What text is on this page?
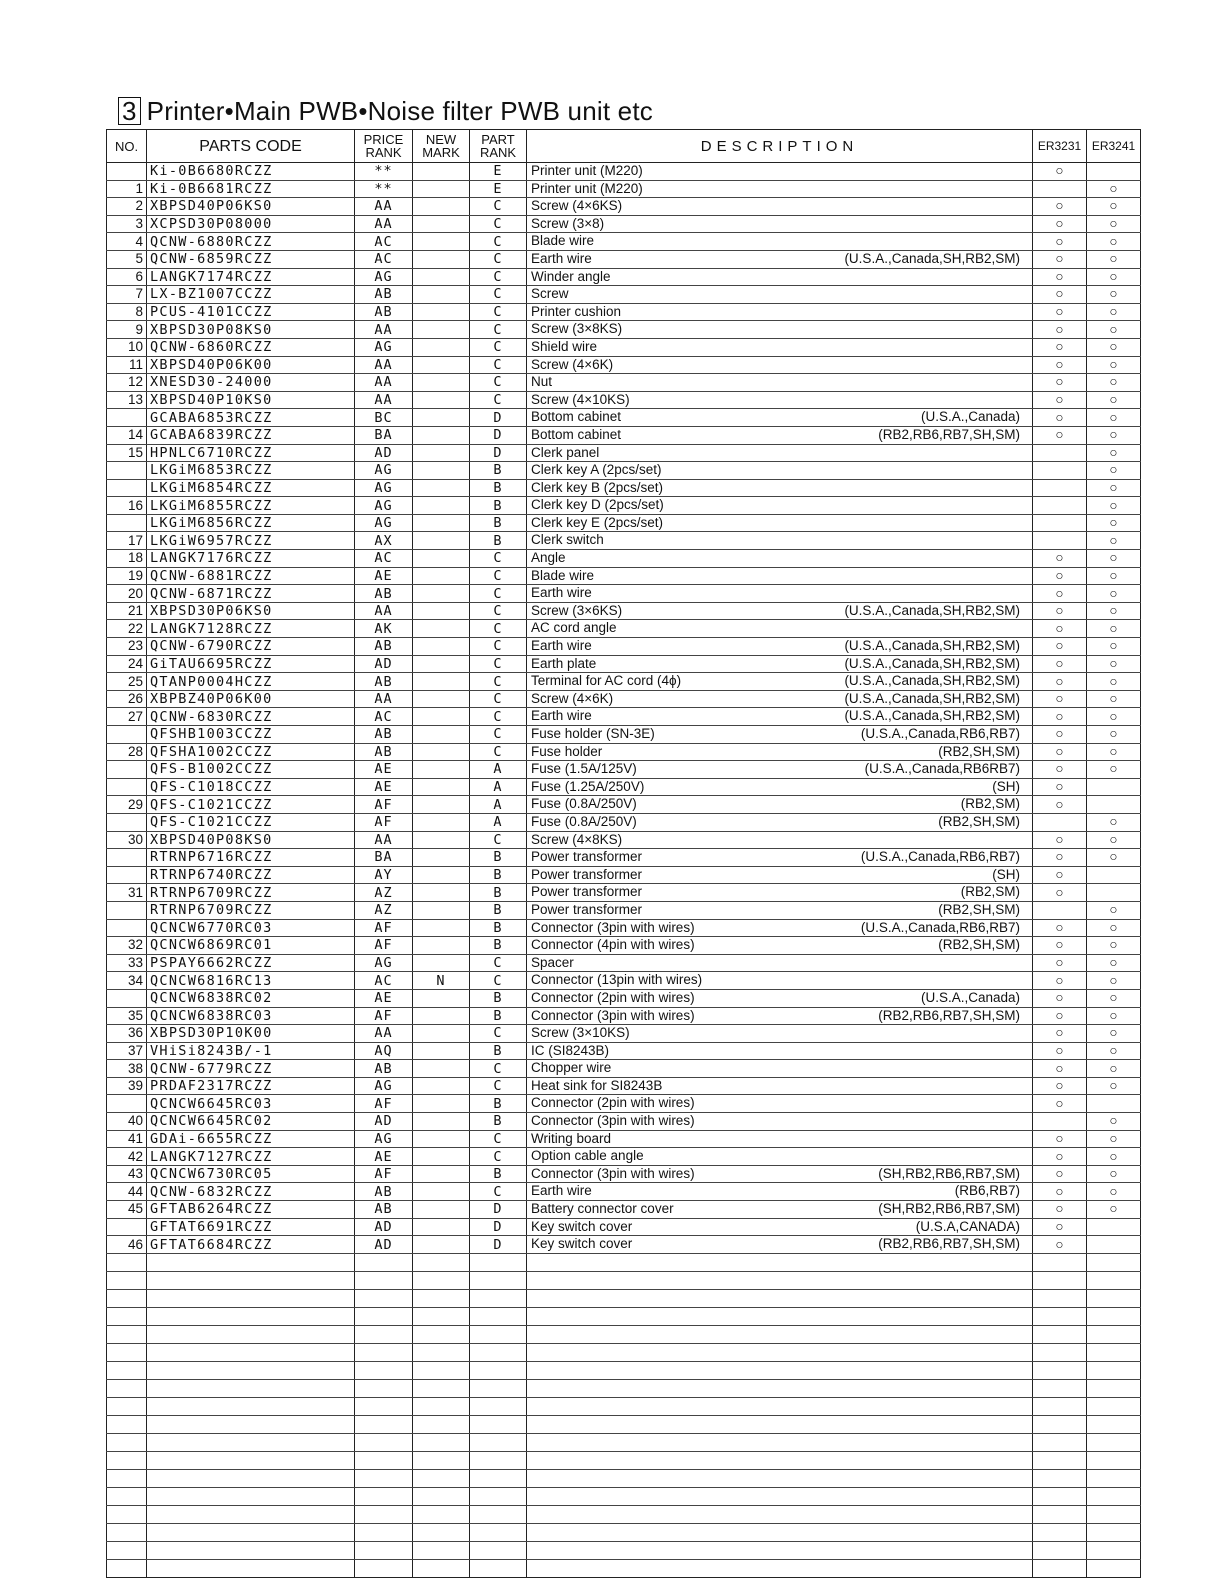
3 Printer•Main PWB•Noise filter PWB unit etc
NO.	PARTS CODE	PRICE RANK	NEW MARK	PART RANK	DESCRIPTION	ER3231	ER3241
	Ki-0B6680RCZZ	**		E	Printer unit (M220)	○	
1	Ki-0B6681RCZZ	**		E	Printer unit (M220)		○
2	XBPSD40P06KS0	AA		C	Screw (4×6KS)	○	○
3	XCPSD30P08000	AA		C	Screw (3×8)	○	○
4	QCNW-6880RCZZ	AC		C	Blade wire	○	○
5	QCNW-6859RCZZ	AC		C	Earth wire (U.S.A.,Canada,SH,RB2,SM)	○	○
6	LANGK7174RCZZ	AG		C	Winder angle	○	○
7	LX-BZ1007CCZZ	AB		C	Screw	○	○
8	PCUS-4101CCZZ	AB		C	Printer cushion	○	○
9	XBPSD30P08KS0	AA		C	Screw (3×8KS)	○	○
10	QCNW-6860RCZZ	AG		C	Shield wire	○	○
11	XBPSD40P06K00	AA		C	Screw (4×6K)	○	○
12	XNESD30-24000	AA		C	Nut	○	○
13	XBPSD40P10KS0	AA		C	Screw (4×10KS)	○	○
	GCABA6853RCZZ	BC		D	Bottom cabinet (U.S.A.,Canada)	○	○
14	GCABA6839RCZZ	BA		D	Bottom cabinet (RB2,RB6,RB7,SH,SM)	○	○
15	HPNLC6710RCZZ	AD		D	Clerk panel		○
	LKGiM6853RCZZ	AG		B	Clerk key A (2pcs/set)		○
	LKGiM6854RCZZ	AG		B	Clerk key B (2pcs/set)		○
16	LKGiM6855RCZZ	AG		B	Clerk key D (2pcs/set)		○
	LKGiM6856RCZZ	AG		B	Clerk key E (2pcs/set)		○
17	LKGiW6957RCZZ	AX		B	Clerk switch		○
18	LANGK7176RCZZ	AC		C	Angle	○	○
19	QCNW-6881RCZZ	AE		C	Blade wire	○	○
20	QCNW-6871RCZZ	AB		C	Earth wire	○	○
21	XBPSD30P06KS0	AA		C	Screw (3×6KS) (U.S.A.,Canada,SH,RB2,SM)	○	○
22	LANGK7128RCZZ	AK		C	AC cord angle	○	○
23	QCNW-6790RCZZ	AB		C	Earth wire (U.S.A.,Canada,SH,RB2,SM)	○	○
24	GiTAU6695RCZZ	AD		C	Earth plate (U.S.A.,Canada,SH,RB2,SM)	○	○
25	QTANP0004HCZZ	AB		C	Terminal for AC cord (4ϕ) (U.S.A.,Canada,SH,RB2,SM)	○	○
26	XBPBZ40P06K00	AA		C	Screw (4×6K) (U.S.A.,Canada,SH,RB2,SM)	○	○
27	QCNW-6830RCZZ	AC		C	Earth wire (U.S.A.,Canada,SH,RB2,SM)	○	○
	QFSHB1003CCZZ	AB		C	Fuse holder (SN-3E) (U.S.A.,Canada,RB6,RB7)	○	○
28	QFSHA1002CCZZ	AB		C	Fuse holder (RB2,SH,SM)	○	○
	QFS-B1002CCZZ	AE		A	Fuse (1.5A/125V) (U.S.A.,Canada,RB6RB7)	○	○
	QFS-C1018CCZZ	AE		A	Fuse (1.25A/250V) (SH)	○	
29	QFS-C1021CCZZ	AF		A	Fuse (0.8A/250V) (RB2,SM)	○	
	QFS-C1021CCZZ	AF		A	Fuse (0.8A/250V) (RB2,SH,SM)		○
30	XBPSD40P08KS0	AA		C	Screw (4×8KS)	○	○
	RTRNP6716RCZZ	BA		B	Power transformer (U.S.A.,Canada,RB6,RB7)	○	○
	RTRNP6740RCZZ	AY		B	Power transformer (SH)	○	
31	RTRNP6709RCZZ	AZ		B	Power transformer (RB2,SM)	○	
	RTRNP6709RCZZ	AZ		B	Power transformer (RB2,SH,SM)		○
	QCNCW6770RC03	AF		B	Connector (3pin with wires) (U.S.A.,Canada,RB6,RB7)	○	○
32	QCNCW6869RC01	AF		B	Connector (4pin with wires) (RB2,SH,SM)	○	○
33	PSPAY6662RCZZ	AG		C	Spacer	○	○
34	QCNCW6816RC13	AC	N	C	Connector (13pin with wires)	○	○
	QCNCW6838RC02	AE		B	Connector (2pin with wires) (U.S.A.,Canada)	○	○
35	QCNCW6838RC03	AF		B	Connector (3pin with wires) (RB2,RB6,RB7,SH,SM)	○	○
36	XBPSD30P10K00	AA		C	Screw (3×10KS)	○	○
37	VHiSi8243B/-1	AQ		B	IC (SI8243B)	○	○
38	QCNW-6779RCZZ	AB		C	Chopper wire	○	○
39	PRDAF2317RCZZ	AG		C	Heat sink for SI8243B	○	○
	QCNCW6645RC03	AF		B	Connector (2pin with wires)	○	
40	QCNCW6645RC02	AD		B	Connector (3pin with wires)		○
41	GDAi-6655RCZZ	AG		C	Writing board	○	○
42	LANGK7127RCZZ	AE		C	Option cable angle	○	○
43	QCNCW6730RC05	AF		B	Connector (3pin with wires) (SH,RB2,RB6,RB7,SM)	○	○
44	QCNW-6832RCZZ	AB		C	Earth wire (RB6,RB7)	○	○
45	GFTAB6264RCZZ	AB		D	Battery connector cover (SH,RB2,RB6,RB7,SM)	○	○
	GFTAT6691RCZZ	AD		D	Key switch cover (U.S.A,CANADA)	○	
46	GFTAT6684RCZZ	AD		D	Key switch cover (RB2,RB6,RB7,SH,SM)	○	
